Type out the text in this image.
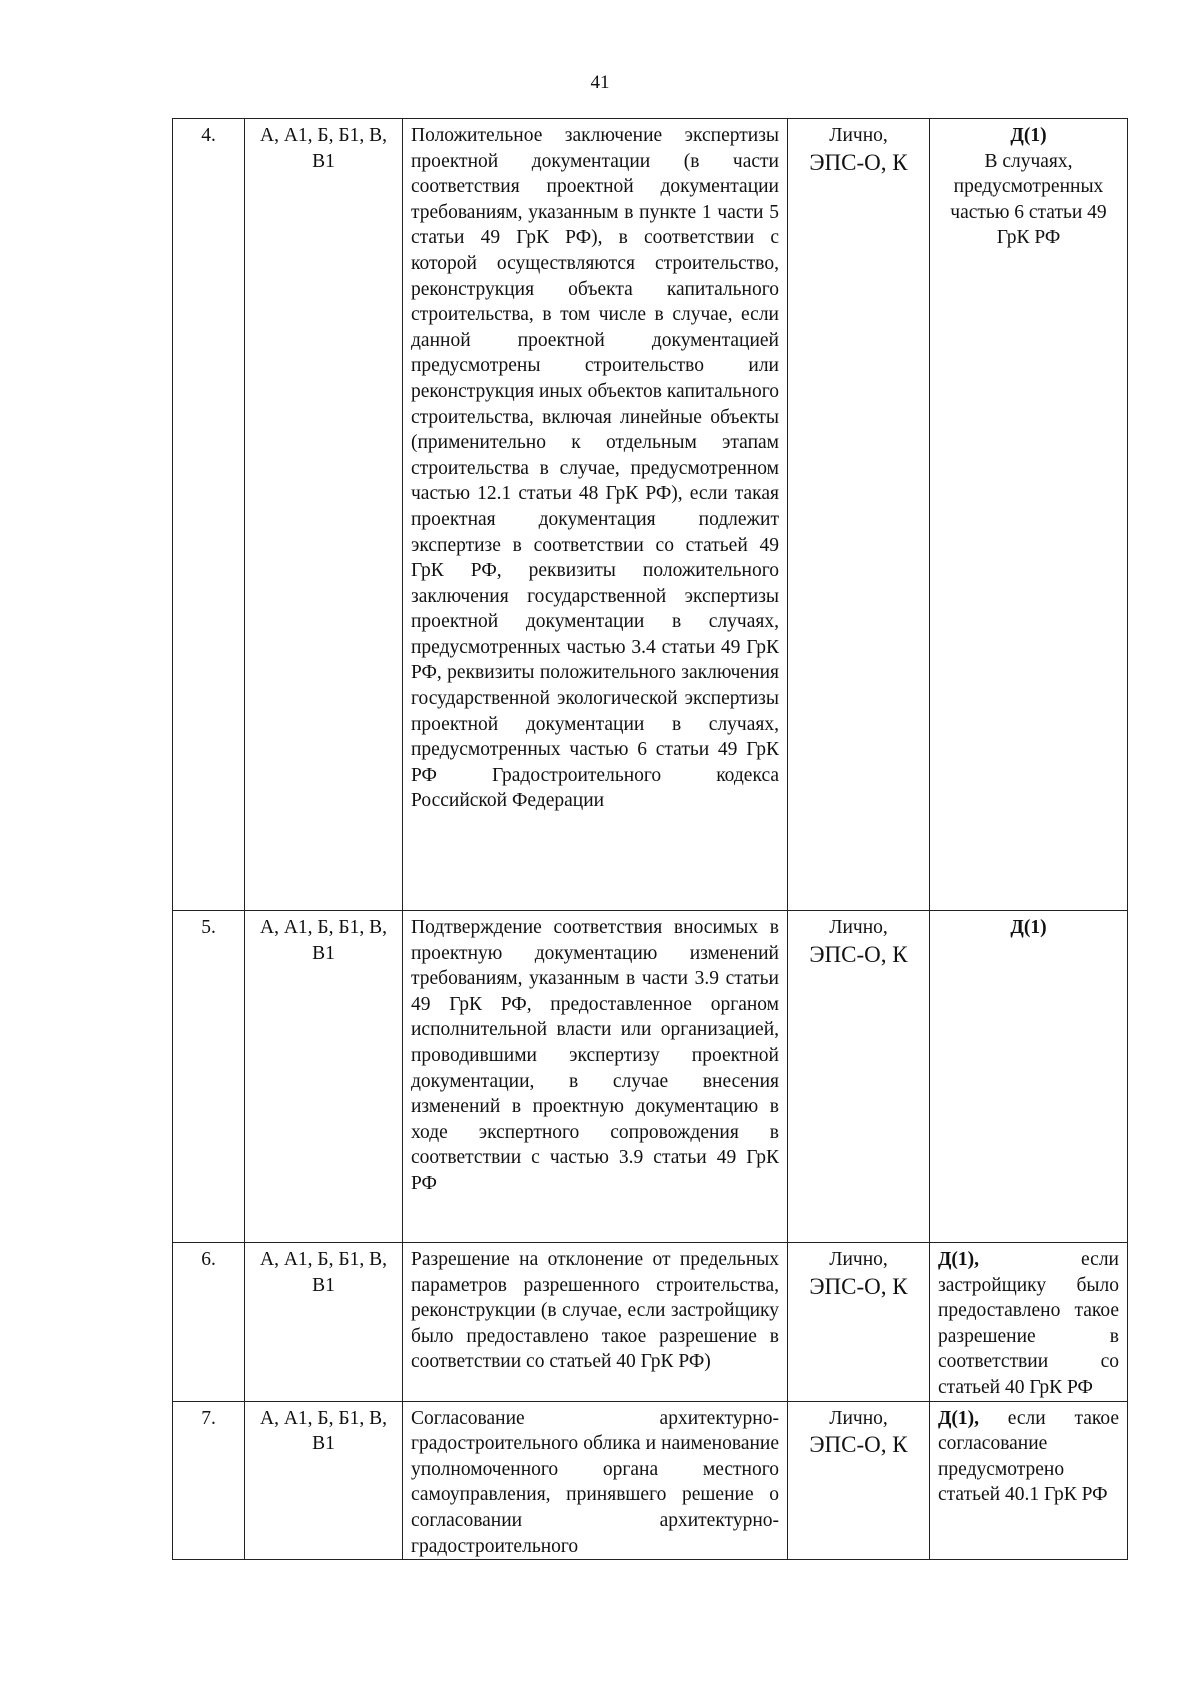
41
4.	А, А1, Б, Б1, В, В1	Положительное заключение экспертизы проектной документации (в части соответствия проектной документации требованиям, указанным в пункте 1 части 5 статьи 49 ГрК РФ), в соответствии с которой осуществляются строительство, реконструкция объекта капитального строительства, в том числе в случае, если данной проектной документацией предусмотрены строительство или реконструкция иных объектов капитального строительства, включая линейные объекты (применительно к отдельным этапам строительства в случае, предусмотренном частью 12.1 статьи 48 ГрК РФ), если такая проектная документация подлежит экспертизе в соответствии со статьей 49 ГрК РФ, реквизиты положительного заключения государственной экспертизы проектной документации в случаях, предусмотренных частью 3.4 статьи 49 ГрК РФ, реквизиты положительного заключения государственной экологической экспертизы проектной документации в случаях, предусмотренных частью 6 статьи 49 ГрК РФ Градостроительного кодекса Российской Федерации	Лично,
ЭПС-О, К	Д(1)
В случаях, предусмотренных частью 6 статьи 49 ГрК РФ
5.	А, А1, Б, Б1, В, В1	Подтверждение соответствия вносимых в проектную документацию изменений требованиям, указанным в части 3.9 статьи 49 ГрК РФ, предоставленное органом исполнительной власти или организацией, проводившими экспертизу проектной документации, в случае внесения изменений в проектную документацию в ходе экспертного сопровождения в соответствии с частью 3.9 статьи 49 ГрК РФ	Лично,
ЭПС-О, К	Д(1)
6.	А, А1, Б, Б1, В, В1	Разрешение на отклонение от предельных параметров разрешенного строительства, реконструкции (в случае, если застройщику было предоставлено такое разрешение в соответствии со статьей 40 ГрК РФ)	Лично,
ЭПС-О, К	Д(1), если застройщику было предоставлено такое разрешение в соответствии со статьей 40 ГрК РФ
7.	А, А1, Б, Б1, В, В1	Согласование архитектурно-градостроительного облика и наименование уполномоченного органа местного самоуправления, принявшего решение о согласовании архитектурно-градостроительного	Лично,
ЭПС-О, К	Д(1), если такое согласование предусмотрено статьей 40.1 ГрК РФ
